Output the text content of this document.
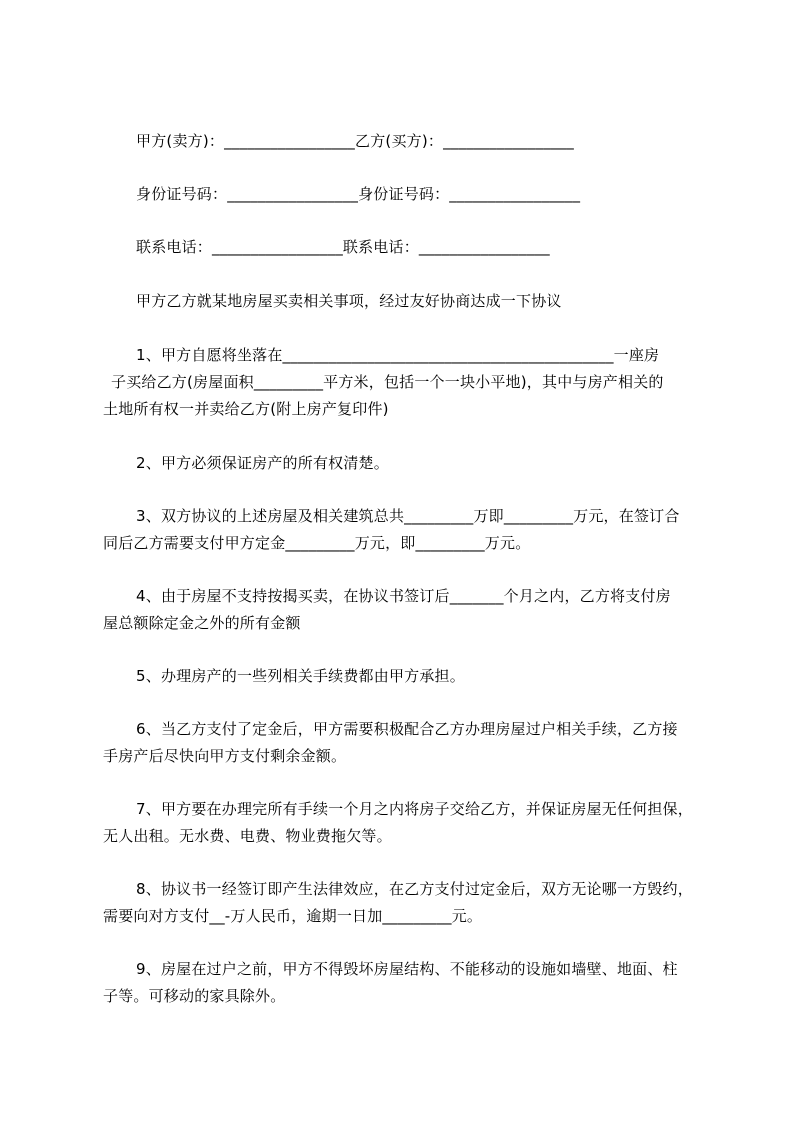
甲方(卖方)：_________________乙方(买方)：_________________
身份证号码：_________________身份证号码：_________________
联系电话：_________________联系电话：_________________
甲方乙方就某地房屋买卖相关事项，经过友好协商达成一下协议
1、甲方自愿将坐落在___________________________________________一座房
子买给乙方(房屋面积_________平方米，包括一个一块小平地)，其中与房产相关的
土地所有权一并卖给乙方(附上房产复印件)
2、甲方必须保证房产的所有权清楚。
3、双方协议的上述房屋及相关建筑总共_________万即_________万元，在签订合
同后乙方需要支付甲方定金_________万元，即_________万元。
4、由于房屋不支持按揭买卖，在协议书签订后_______个月之内，乙方将支付房
屋总额除定金之外的所有金额
5、办理房产的一些列相关手续费都由甲方承担。
6、当乙方支付了定金后，甲方需要积极配合乙方办理房屋过户相关手续，乙方接
手房产后尽快向甲方支付剩余金额。
7、甲方要在办理完所有手续一个月之内将房子交给乙方，并保证房屋无任何担保，
无人出租。无水费、电费、物业费拖欠等。
8、协议书一经签订即产生法律效应，在乙方支付过定金后，双方无论哪一方毁约，
需要向对方支付__-万人民币，逾期一日加_________元。
9、房屋在过户之前，甲方不得毁坏房屋结构、不能移动的设施如墙壁、地面、柱
子等。可移动的家具除外。
